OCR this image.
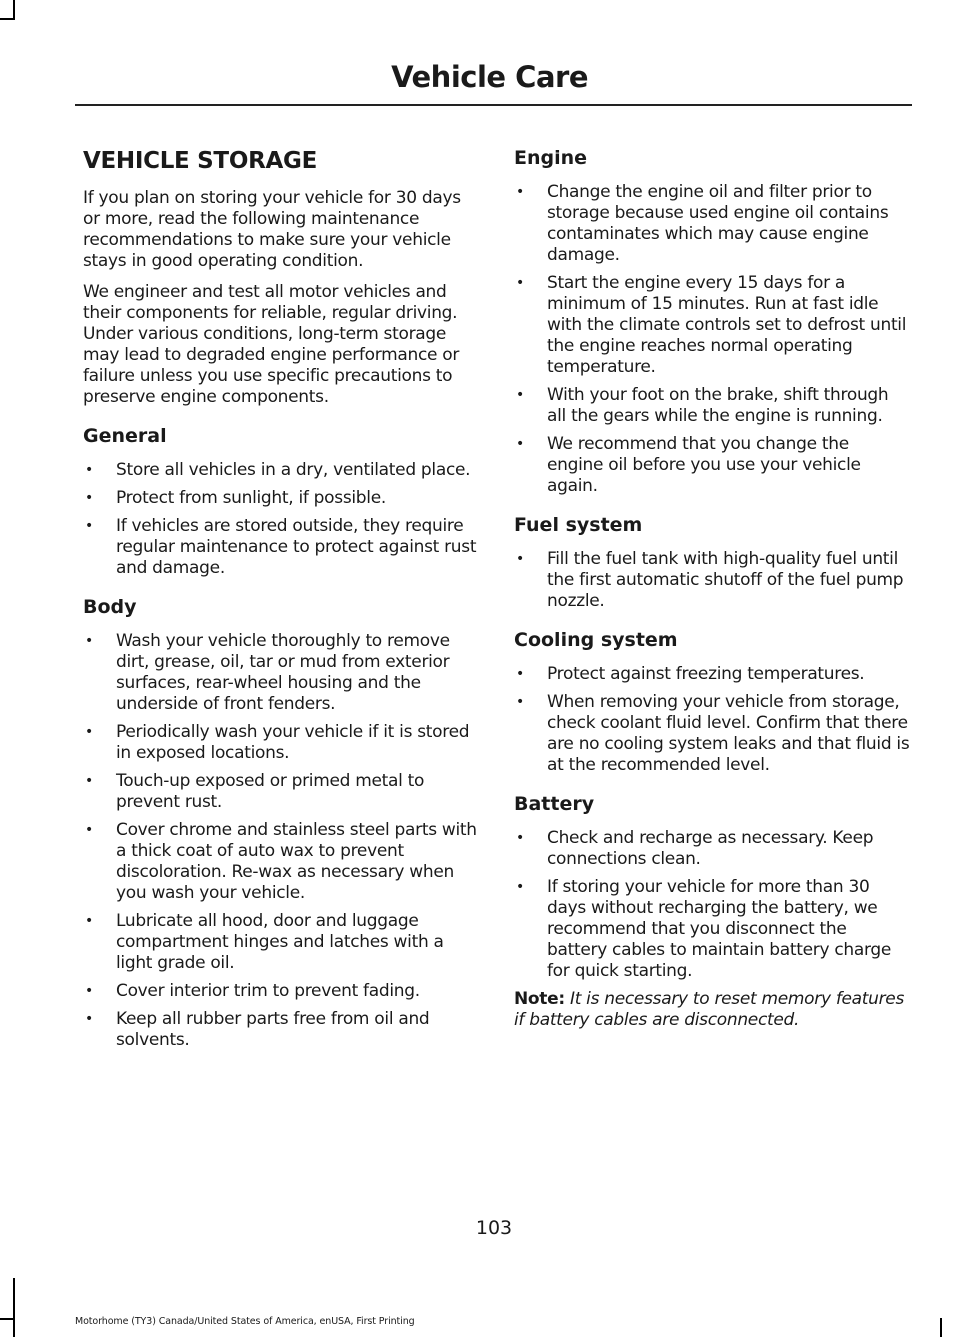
Vehicle Care
VEHICLE STORAGE

If you plan on storing your vehicle for 30 days or more, read the following maintenance recommendations to make sure your vehicle stays in good operating condition.

We engineer and test all motor vehicles and their components for reliable, regular driving. Under various conditions, long-term storage may lead to degraded engine performance or failure unless you use specific precautions to preserve engine components.

General
• Store all vehicles in a dry, ventilated place.
• Protect from sunlight, if possible.
• If vehicles are stored outside, they require regular maintenance to protect against rust and damage.
Body
• Wash your vehicle thoroughly to remove dirt, grease, oil, tar or mud from exterior surfaces, rear-wheel housing and the underside of front fenders.
• Periodically wash your vehicle if it is stored in exposed locations.
• Touch-up exposed or primed metal to prevent rust.
• Cover chrome and stainless steel parts with a thick coat of auto wax to prevent discoloration. Re-wax as necessary when you wash your vehicle.
• Lubricate all hood, door and luggage compartment hinges and latches with a light grade oil.
• Cover interior trim to prevent fading.
• Keep all rubber parts free from oil and solvents.
Engine
• Change the engine oil and filter prior to storage because used engine oil contains contaminates which may cause engine damage.
• Start the engine every 15 days for a minimum of 15 minutes. Run at fast idle with the climate controls set to defrost until the engine reaches normal operating temperature.
• With your foot on the brake, shift through all the gears while the engine is running.
• We recommend that you change the engine oil before you use your vehicle again.
Fuel system
• Fill the fuel tank with high-quality fuel until the first automatic shutoff of the fuel pump nozzle.
Cooling system
• Protect against freezing temperatures.
• When removing your vehicle from storage, check coolant fluid level. Confirm that there are no cooling system leaks and that fluid is at the recommended level.
Battery
• Check and recharge as necessary. Keep connections clean.
• If storing your vehicle for more than 30 days without recharging the battery, we recommend that you disconnect the battery cables to maintain battery charge for quick starting.

Note: It is necessary to reset memory features if battery cables are disconnected.

103
Motorhome (TY3) Canada/United States of America, enUSA, First Printing
